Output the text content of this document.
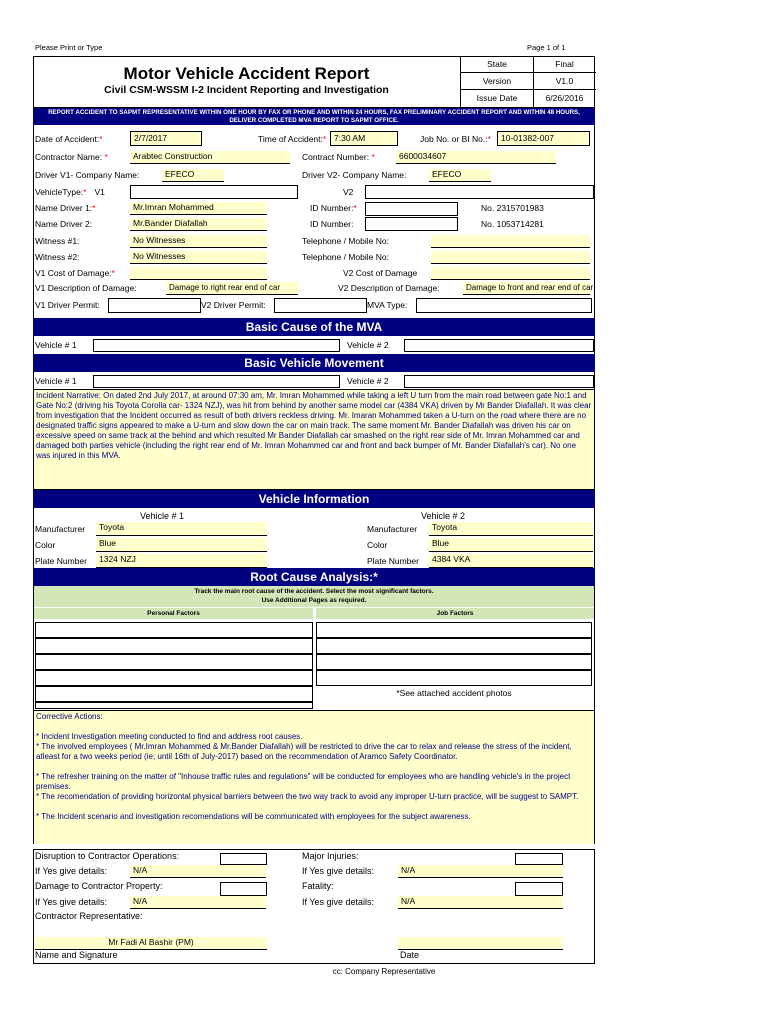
Please Print or Type	Page 1 of 1
Motor Vehicle Accident Report
Civil CSM-WSSM I-2 Incident Reporting and Investigation
State	Final
Version	V1.0
Issue Date	6/26/2016
REPORT ACCIDENT TO SAPMT REPRESENTATIVE WITHIN ONE HOUR BY FAX OR PHONE AND WITHIN 24 HOURS, FAX PRELIMINARY ACCIDENT REPORT AND WITHIN 48 HOURS,
DELIVER COMPLETED MVA REPORT TO SAPMT OFFICE.
Date of Accident:*	2/7/2017	Time of Accident:* 7:30 AM	Job No. or BI No.:*	10-01382-007
Contractor Name: *	Arabtec Construction	Contract Number: *	6600034607
Driver V1- Company Name:	EFECO	Driver V2- Company Name:	EFECO
VehicleType:* V1	V2
Name Driver 1:*	Mr.Imran Mohammed	ID Number:*	No. 2315701983
Name Driver 2:	Mr.Bander Diafallah	ID Number:	No. 1053714281
Witness #1:	No Witnesses	Telephone / Mobile No:
Witness #2:	No Witnesses	Telephone / Mobile No:
V1 Cost of Damage:*	V2 Cost of Damage
V1 Description of Damage:	Damage to right rear end of car	V2 Description of Damage:	Damage to front and rear end of car
V1 Driver Permit:	V2 Driver Permit:	MVA Type:
Basic Cause of the MVA
Vehicle # 1	Vehicle # 2
Basic Vehicle Movement
Vehicle # 1	Vehicle # 2
Incident Narrative: On dated 2nd July 2017, at around 07:30 am, Mr. Imran Mohammed while taking a left U turn from the main road between gate No:1 and Gate No:2 (driving his Toyota Corolla car- 1324 NZJ), was hit from behind by another same model car (4384 VKA) driven by Mr Bander Diafallah. It was clear from investigation that the Incident occurred as result of both drivers reckless driving. Mr. Imaran Mohammed taken a U-turn on the road where there are no designated traffic signs appeared to make a U-turn and slow down the car on main track. The same moment Mr. Bander Diafallah was driven his car on excessive speed on same track at the behind and which resulted Mr Bander Diafallah car smashed on the right rear side of Mr. Imran Mohammed car and damaged both parties vehicle (including the right rear end of Mr. Imran Mohammed car and front and back bumper of Mr. Bander Diafallah's car). No one was injured in this MVA.
Vehicle Information
Vehicle # 1	Vehicle # 2
Manufacturer	Toyota	Manufacturer	Toyota
Color	Blue	Color	Blue
Plate Number	1324 NZJ	Plate Number	4384 VKA
Root Cause Analysis:*
Track the main root cause of the accident. Select the most significant factors.
Use Additional Pages as required.
Personal Factors	Job Factors
*See attached accident photos
Corrective Actions:
* Incident Investigation meeting conducted to find and address root causes.
* The involved employees ( Mr.Imran Mohammed & Mr.Bander Diafallah) will be restricted to drive the car to relax and release the stress of the incident, atleast for a two weeks period (ie; until 16th of July-2017) based on the recommendation of Aramco Safety Coordinator.
* The refresher training on the matter of "Inhouse traffic rules and regulations" will be conducted for employees who are handling vehicle's in the project premises.
* The recomendation of providing horizontal physical barriers between the two way track to avoid any improper U-turn practice, will be suggest to SAMPT.
* The Incident scenario and investigation recomendations will be communicated with employees for the subject awareness.
Disruption to Contractor Operations:	Major Injuries:
If Yes give details:	N/A	If Yes give details:	N/A
Damage to Contractor Property:	Fatality:
If Yes give details:	N/A	If Yes give details:	N/A
Contractor Representative:
Mr Fadi Al Bashir (PM)
Name and Signature	Date
cc: Company Representative
